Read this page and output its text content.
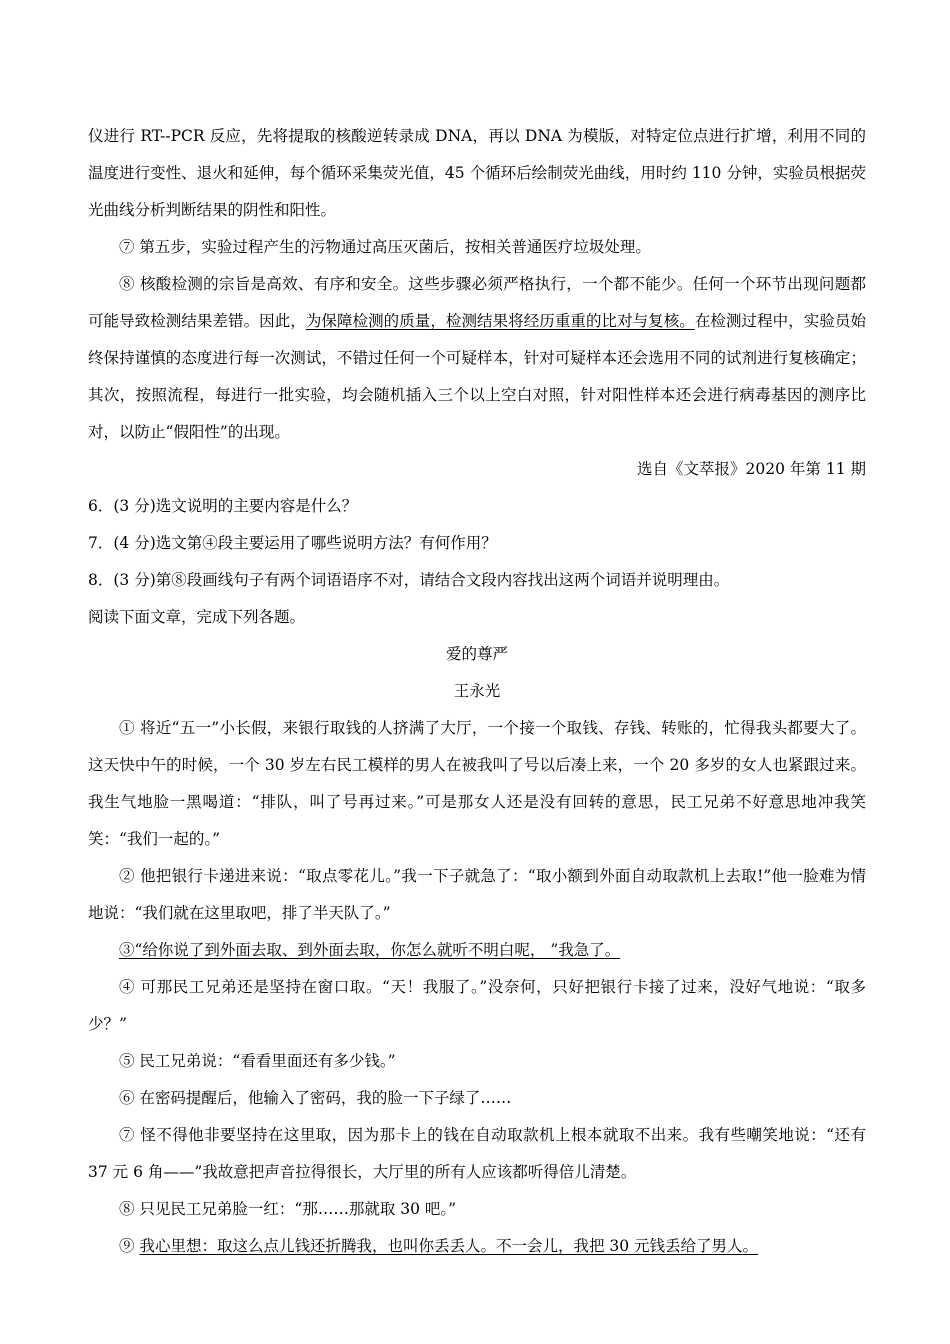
仪进行 RT--PCR 反应，先将提取的核酸逆转录成 DNA，再以 DNA 为模版，对特定位点进行扩增，利用不同的温度进行变性、退火和延伸，每个循环采集荧光值，45 个循环后绘制荧光曲线，用时约 110 分钟，实验员根据荧光曲线分析判断结果的阴性和阳性。

⑦ 第五步，实验过程产生的污物通过高压灭菌后，按相关普通医疗垃圾处理。

⑧ 核酸检测的宗旨是高效、有序和安全。这些步骤必须严格执行，一个都不能少。任何一个环节出现问题都可能导致检测结果差错。因此，为保障检测的质量，检测结果将经历重重的比对与复核。在检测过程中，实验员始终保持谨慎的态度进行每一次测试，不错过任何一个可疑样本，针对可疑样本还会选用不同的试剂进行复核确定；其次，按照流程，每进行一批实验，均会随机插入三个以上空白对照，针对阳性样本还会进行病毒基因的测序比对，以防止“假阳性”的出现。

选自《文萃报》2020 年第 11 期

6．(3 分)选文说明的主要内容是什么？

7．(4 分)选文第④段主要运用了哪些说明方法？有何作用？

8．(3 分)第⑧段画线句子有两个词语语序不对，请结合文段内容找出这两个词语并说明理由。

阅读下面文章，完成下列各题。

爱的尊严

王永光

① 将近“五一”小长假，来银行取钱的人挤满了大厅，一个接一个取钱、存钱、转账的，忙得我头都要大了。这天快中午的时候，一个 30 岁左右民工模样的男人在被我叫了号以后凑上来，一个 20 多岁的女人也紧跟过来。我生气地脸一黑喝道：“排队，叫了号再过来。”可是那女人还是没有回转的意思，民工兄弟不好意思地冲我笑笑：“我们一起的。”

② 他把银行卡递进来说：“取点零花儿。”我一下子就急了：“取小额到外面自动取款机上去取!”他一脸难为情地说：“我们就在这里取吧，排了半天队了。”

③“给你说了到外面去取、到外面去取，你怎么就听不明白呢， ”我急了。

④ 可那民工兄弟还是坚持在窗口取。“天！我服了。”没奈何，只好把银行卡接了过来，没好气地说：“取多少？”

⑤ 民工兄弟说：“看看里面还有多少钱。”

⑥ 在密码提醒后，他输入了密码，我的脸一下子绿了……

⑦ 怪不得他非要坚持在这里取，因为那卡上的钱在自动取款机上根本就取不出来。我有些嘲笑地说：“还有 37 元 6 角——”我故意把声音拉得很长，大厅里的所有人应该都听得倍儿清楚。

⑧ 只见民工兄弟脸一红：“那……那就取 30 吧。”

⑨ 我心里想：取这么点儿钱还折腾我，也叫你丢丢人。不一会儿，我把 30 元钱丢给了男人。
